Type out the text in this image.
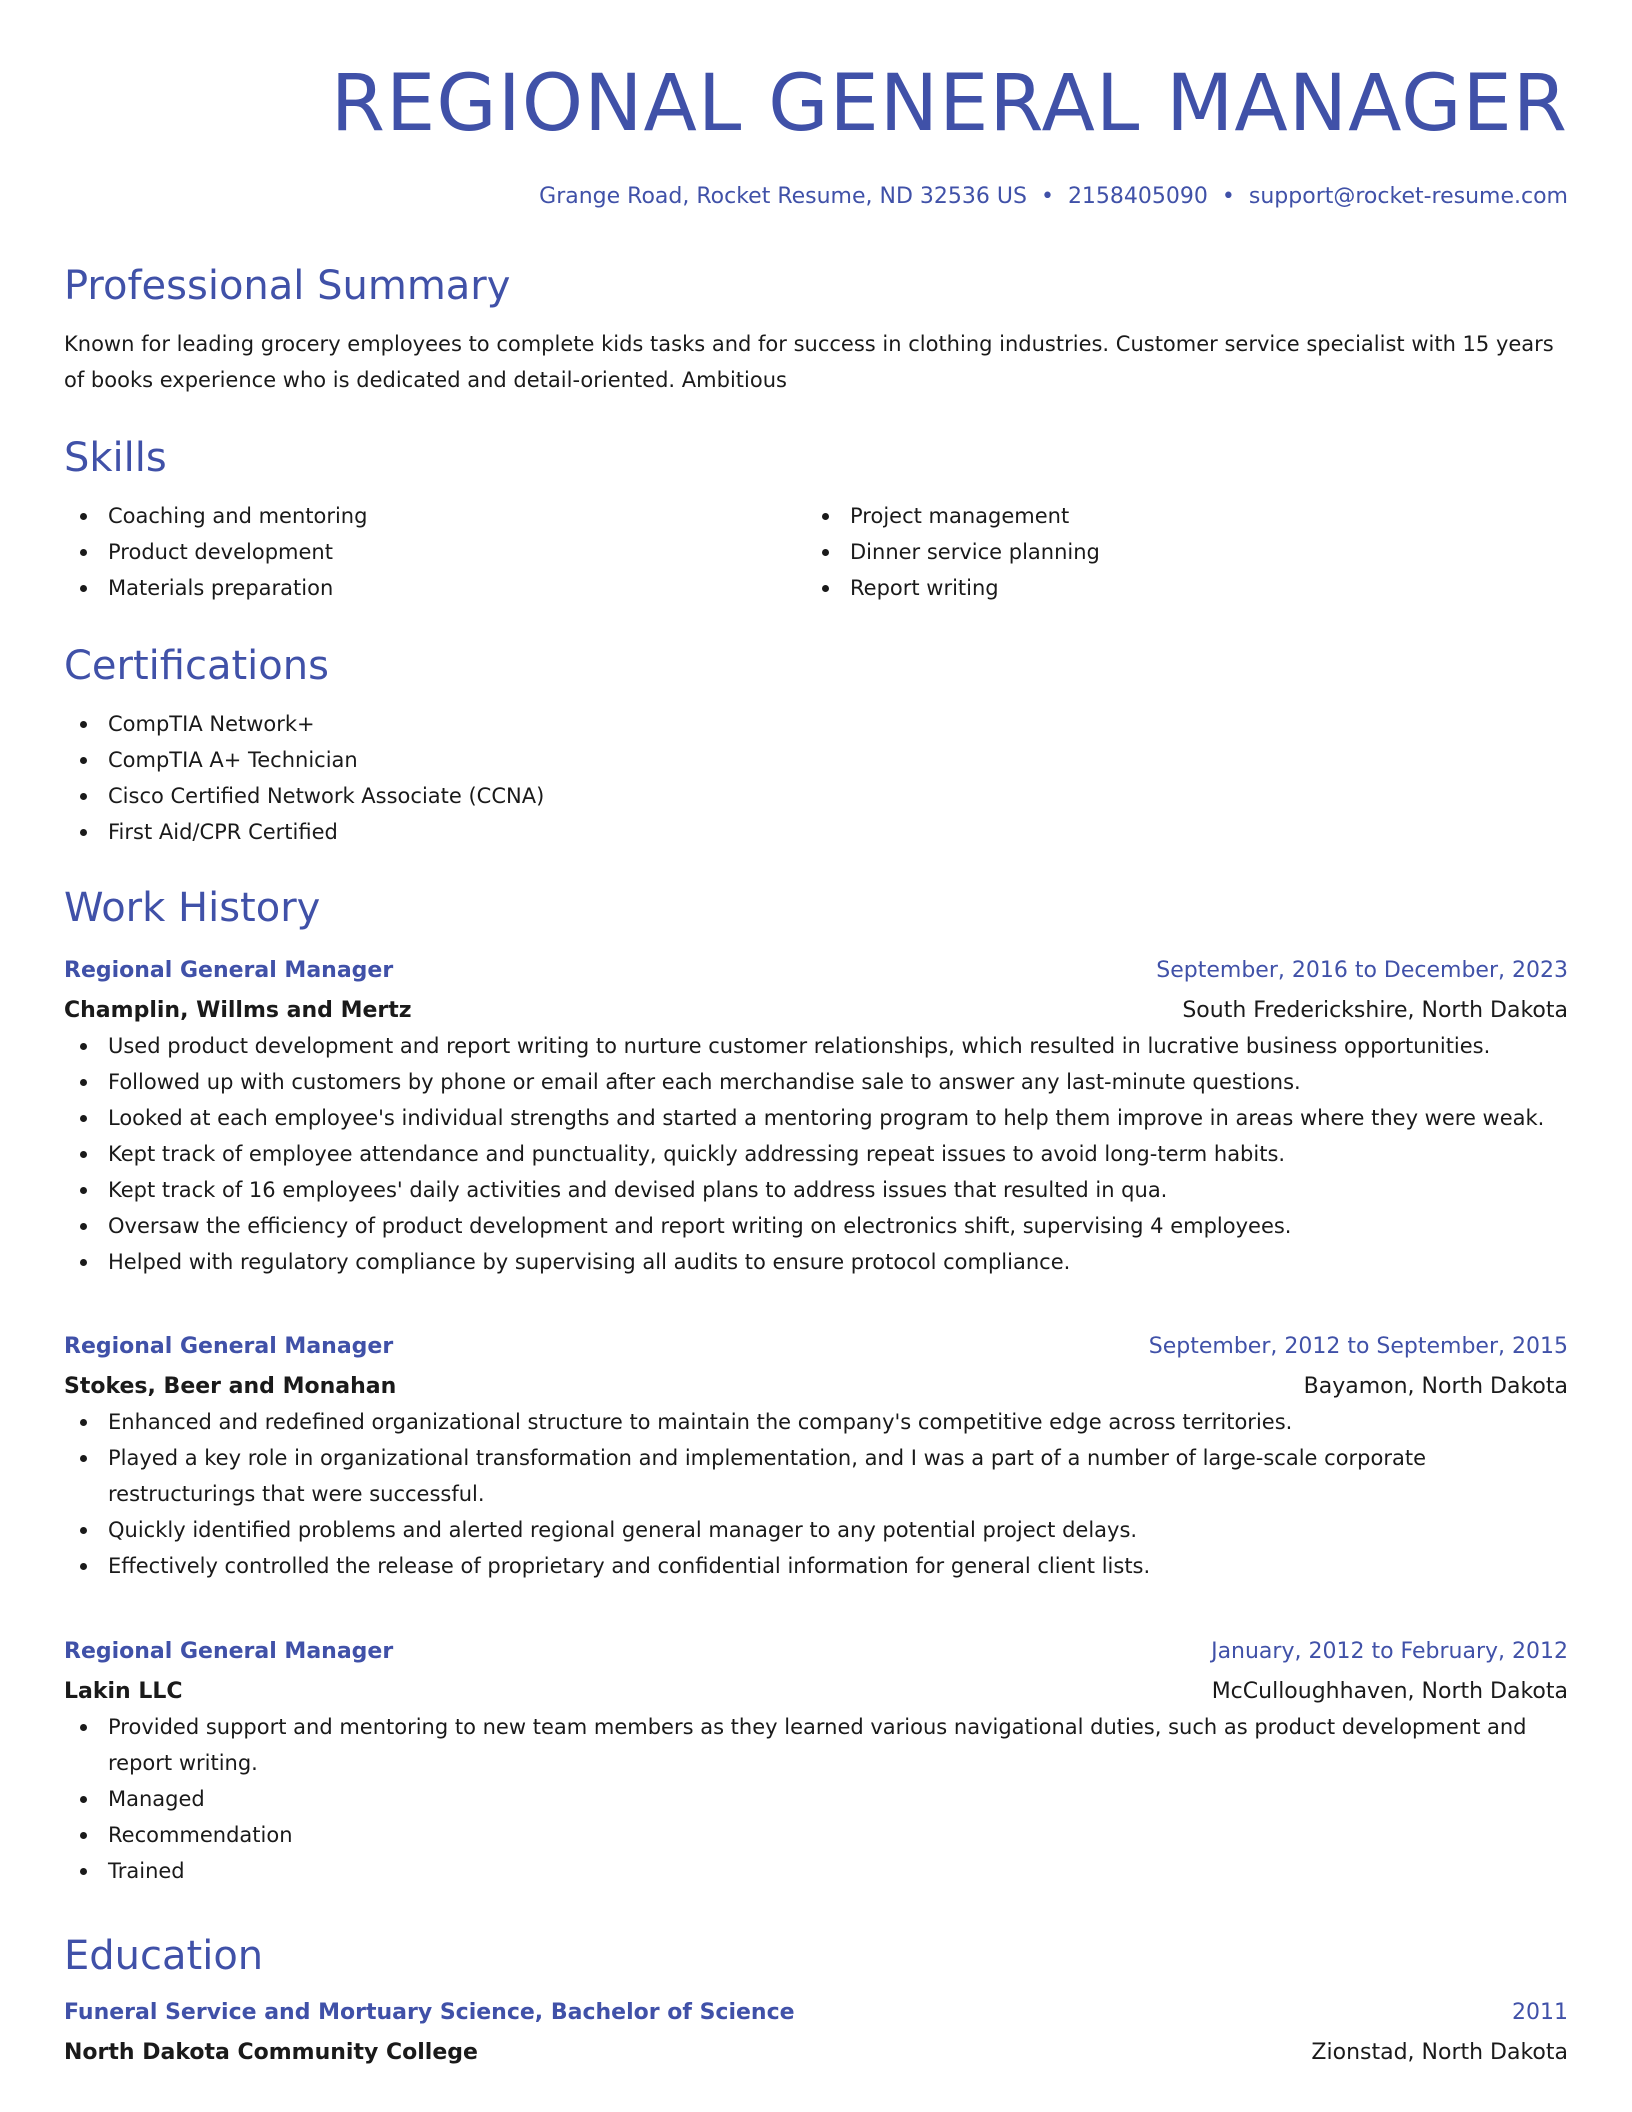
REGIONAL GENERAL MANAGER
Grange Road, Rocket Resume, ND 32536 US • 2158405090 • support@rocket-resume.com
Professional Summary
Known for leading grocery employees to complete kids tasks and for success in clothing industries. Customer service specialist with 15 years of books experience who is dedicated and detail-oriented. Ambitious
Skills
Coaching and mentoring
Product development
Materials preparation
Project management
Dinner service planning
Report writing
Certifications
CompTIA Network+
CompTIA A+ Technician
Cisco Certified Network Associate (CCNA)
First Aid/CPR Certified
Work History
Regional General Manager	September, 2016 to December, 2023
Champlin, Willms and Mertz	South Frederickshire, North Dakota
Used product development and report writing to nurture customer relationships, which resulted in lucrative business opportunities.
Followed up with customers by phone or email after each merchandise sale to answer any last-minute questions.
Looked at each employee's individual strengths and started a mentoring program to help them improve in areas where they were weak.
Kept track of employee attendance and punctuality, quickly addressing repeat issues to avoid long-term habits.
Kept track of 16 employees' daily activities and devised plans to address issues that resulted in qua.
Oversaw the efficiency of product development and report writing on electronics shift, supervising 4 employees.
Helped with regulatory compliance by supervising all audits to ensure protocol compliance.
Regional General Manager	September, 2012 to September, 2015
Stokes, Beer and Monahan	Bayamon, North Dakota
Enhanced and redefined organizational structure to maintain the company's competitive edge across territories.
Played a key role in organizational transformation and implementation, and I was a part of a number of large-scale corporate restructurings that were successful.
Quickly identified problems and alerted regional general manager to any potential project delays.
Effectively controlled the release of proprietary and confidential information for general client lists.
Regional General Manager	January, 2012 to February, 2012
Lakin LLC	McCulloughhaven, North Dakota
Provided support and mentoring to new team members as they learned various navigational duties, such as product development and report writing.
Managed
Recommendation
Trained
Education
Funeral Service and Mortuary Science, Bachelor of Science	2011
North Dakota Community College	Zionstad, North Dakota
